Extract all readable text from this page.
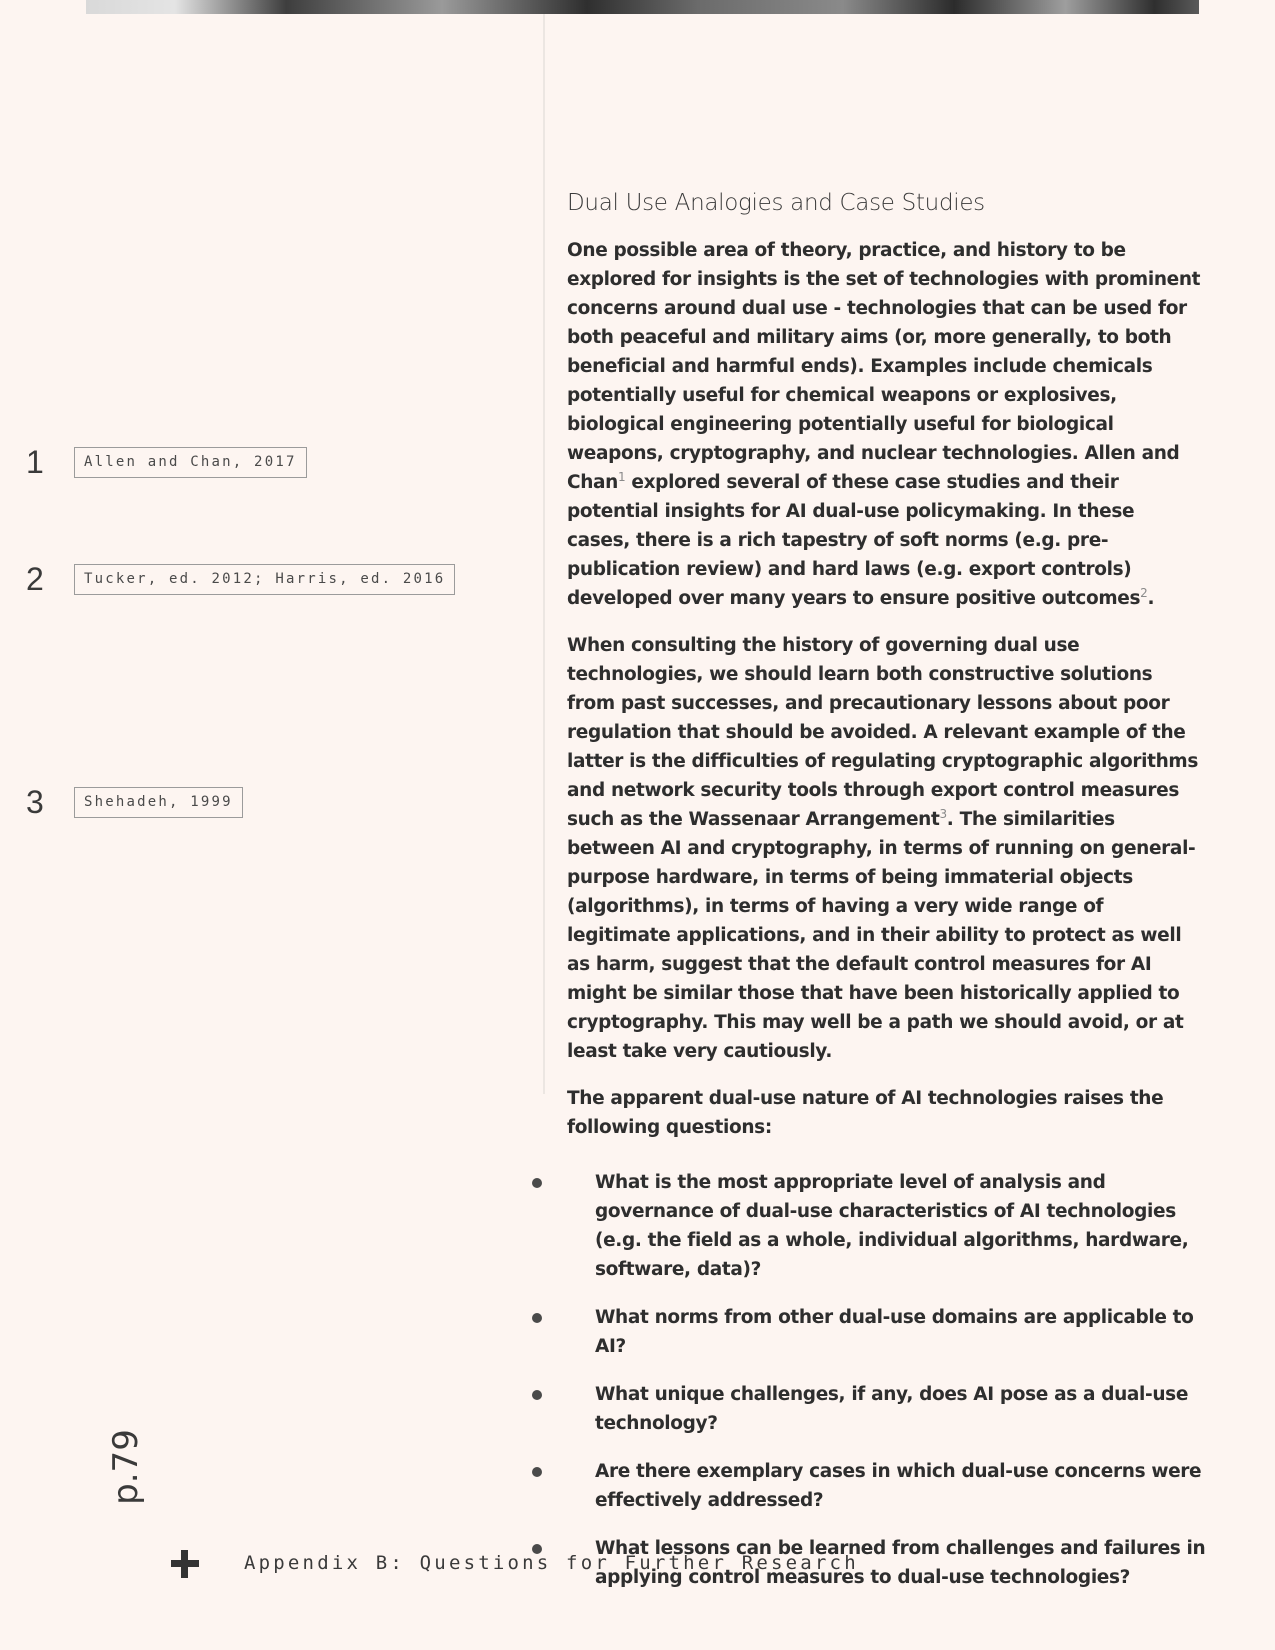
1	Allen and Chan, 2017
2	Tucker, ed. 2012; Harris, ed. 2016
3	Shehadeh, 1999
Dual Use Analogies and Case Studies

One possible area of theory, practice, and history to be explored for insights is the set of technologies with prominent concerns around dual use - technologies that can be used for both peaceful and military aims (or, more generally, to both beneficial and harmful ends). Examples include chemicals potentially useful for chemical weapons or explosives, biological engineering potentially useful for biological weapons, cryptography, and nuclear technologies. Allen and Chan$^1$ explored several of these case studies and their potential insights for AI dual-use policymaking. In these cases, there is a rich tapestry of soft norms (e.g. pre-publication review) and hard laws (e.g. export controls) developed over many years to ensure positive outcomes$^2$.

When consulting the history of governing dual use technologies, we should learn both constructive solutions from past successes, and precautionary lessons about poor regulation that should be avoided. A relevant example of the latter is the difficulties of regulating cryptographic algorithms and network security tools through export control measures such as the Wassenaar Arrangement$^3$. The similarities between AI and cryptography, in terms of running on general-purpose hardware, in terms of being immaterial objects (algorithms), in terms of having a very wide range of legitimate applications, and in their ability to protect as well as harm, suggest that the default control measures for AI might be similar those that have been historically applied to cryptography. This may well be a path we should avoid, or at least take very cautiously.

The apparent dual-use nature of AI technologies raises the following questions:

What is the most appropriate level of analysis and governance of dual-use characteristics of AI technologies (e.g. the field as a whole, individual algorithms, hardware, software, data)?
What norms from other dual-use domains are applicable to AI?
What unique challenges, if any, does AI pose as a dual-use technology?
Are there exemplary cases in which dual-use concerns were effectively addressed?
What lessons can be learned from challenges and failures in applying control measures to dual-use technologies?
p.79
Appendix B: Questions for Further Research
